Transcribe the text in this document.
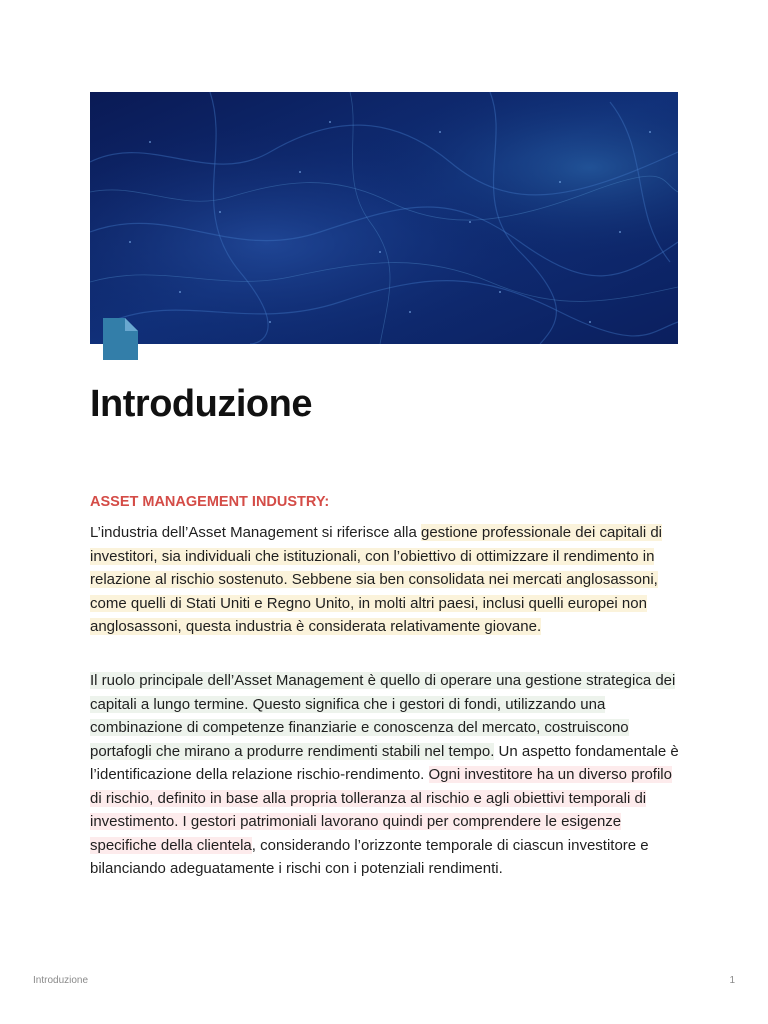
Introduzione
ASSET MANAGEMENT INDUSTRY:

L’industria dell’Asset Management si riferisce alla gestione professionale dei capitali di investitori, sia individuali che istituzionali, con l’obiettivo di ottimizzare il rendimento in relazione al rischio sostenuto. Sebbene sia ben consolidata nei mercati anglosassoni, come quelli di Stati Uniti e Regno Unito, in molti altri paesi, inclusi quelli europei non anglosassoni, questa industria è considerata relativamente giovane.

Il ruolo principale dell’Asset Management è quello di operare una gestione strategica dei capitali a lungo termine. Questo significa che i gestori di fondi, utilizzando una combinazione di competenze finanziarie e conoscenza del mercato, costruiscono portafogli che mirano a produrre rendimenti stabili nel tempo. Un aspetto fondamentale è l’identificazione della relazione rischio-rendimento. Ogni investitore ha un diverso profilo di rischio, definito in base alla propria tolleranza al rischio e agli obiettivi temporali di investimento. I gestori patrimoniali lavorano quindi per comprendere le esigenze specifiche della clientela, considerando l’orizzonte temporale di ciascun investitore e bilanciando adeguatamente i rischi con i potenziali rendimenti.

Introduzione	1
